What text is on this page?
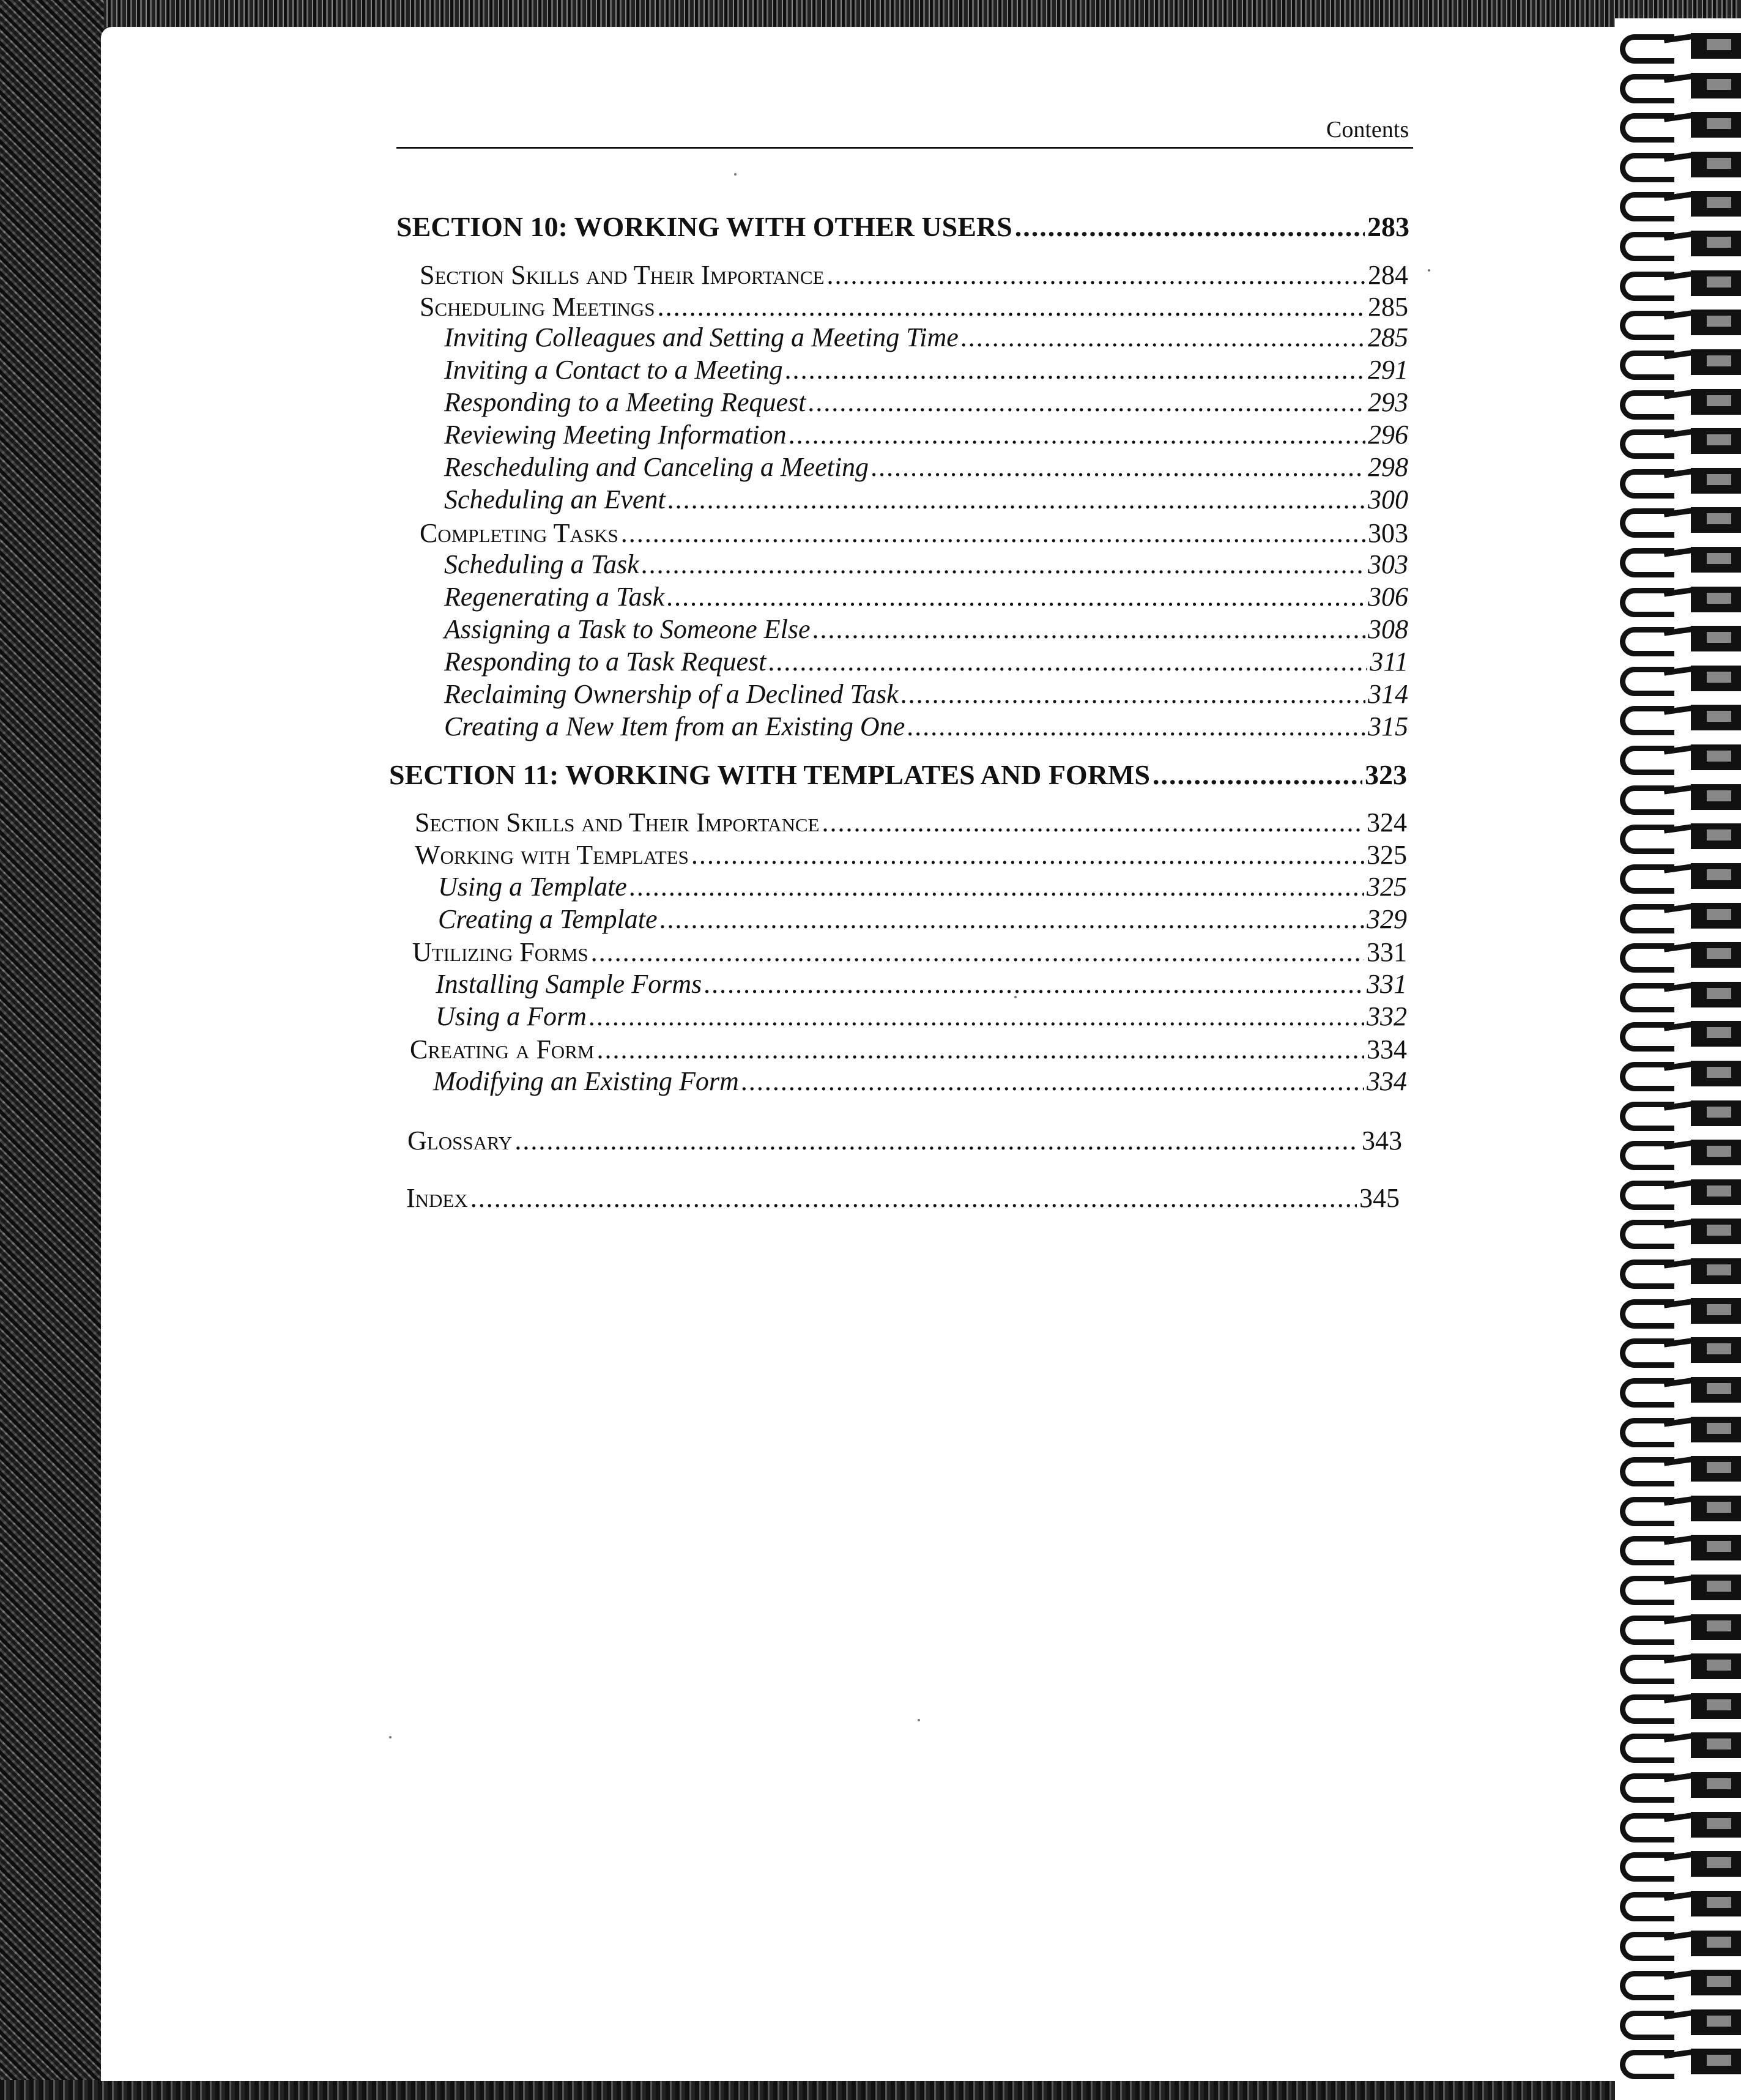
Contents
SECTION 10: WORKING WITH OTHER USERS .....	283
Section Skills and Their Importance .....	284
Scheduling Meetings .....	285
Inviting Colleagues and Setting a Meeting Time .....	285
Inviting a Contact to a Meeting .....	291
Responding to a Meeting Request .....	293
Reviewing Meeting Information .....	296
Rescheduling and Canceling a Meeting .....	298
Scheduling an Event .....	300
Completing Tasks .....	303
Scheduling a Task .....	303
Regenerating a Task .....	306
Assigning a Task to Someone Else .....	308
Responding to a Task Request .....	311
Reclaiming Ownership of a Declined Task .....	314
Creating a New Item from an Existing One .....	315
SECTION 11: WORKING WITH TEMPLATES AND FORMS .....	323
Section Skills and Their Importance .....	324
Working with Templates .....	325
Using a Template .....	325
Creating a Template .....	329
Utilizing Forms .....	331
Installing Sample Forms .....	331
Using a Form .....	332
Creating a Form .....	334
Modifying an Existing Form .....	334
Glossary .....	343
Index .....	345
